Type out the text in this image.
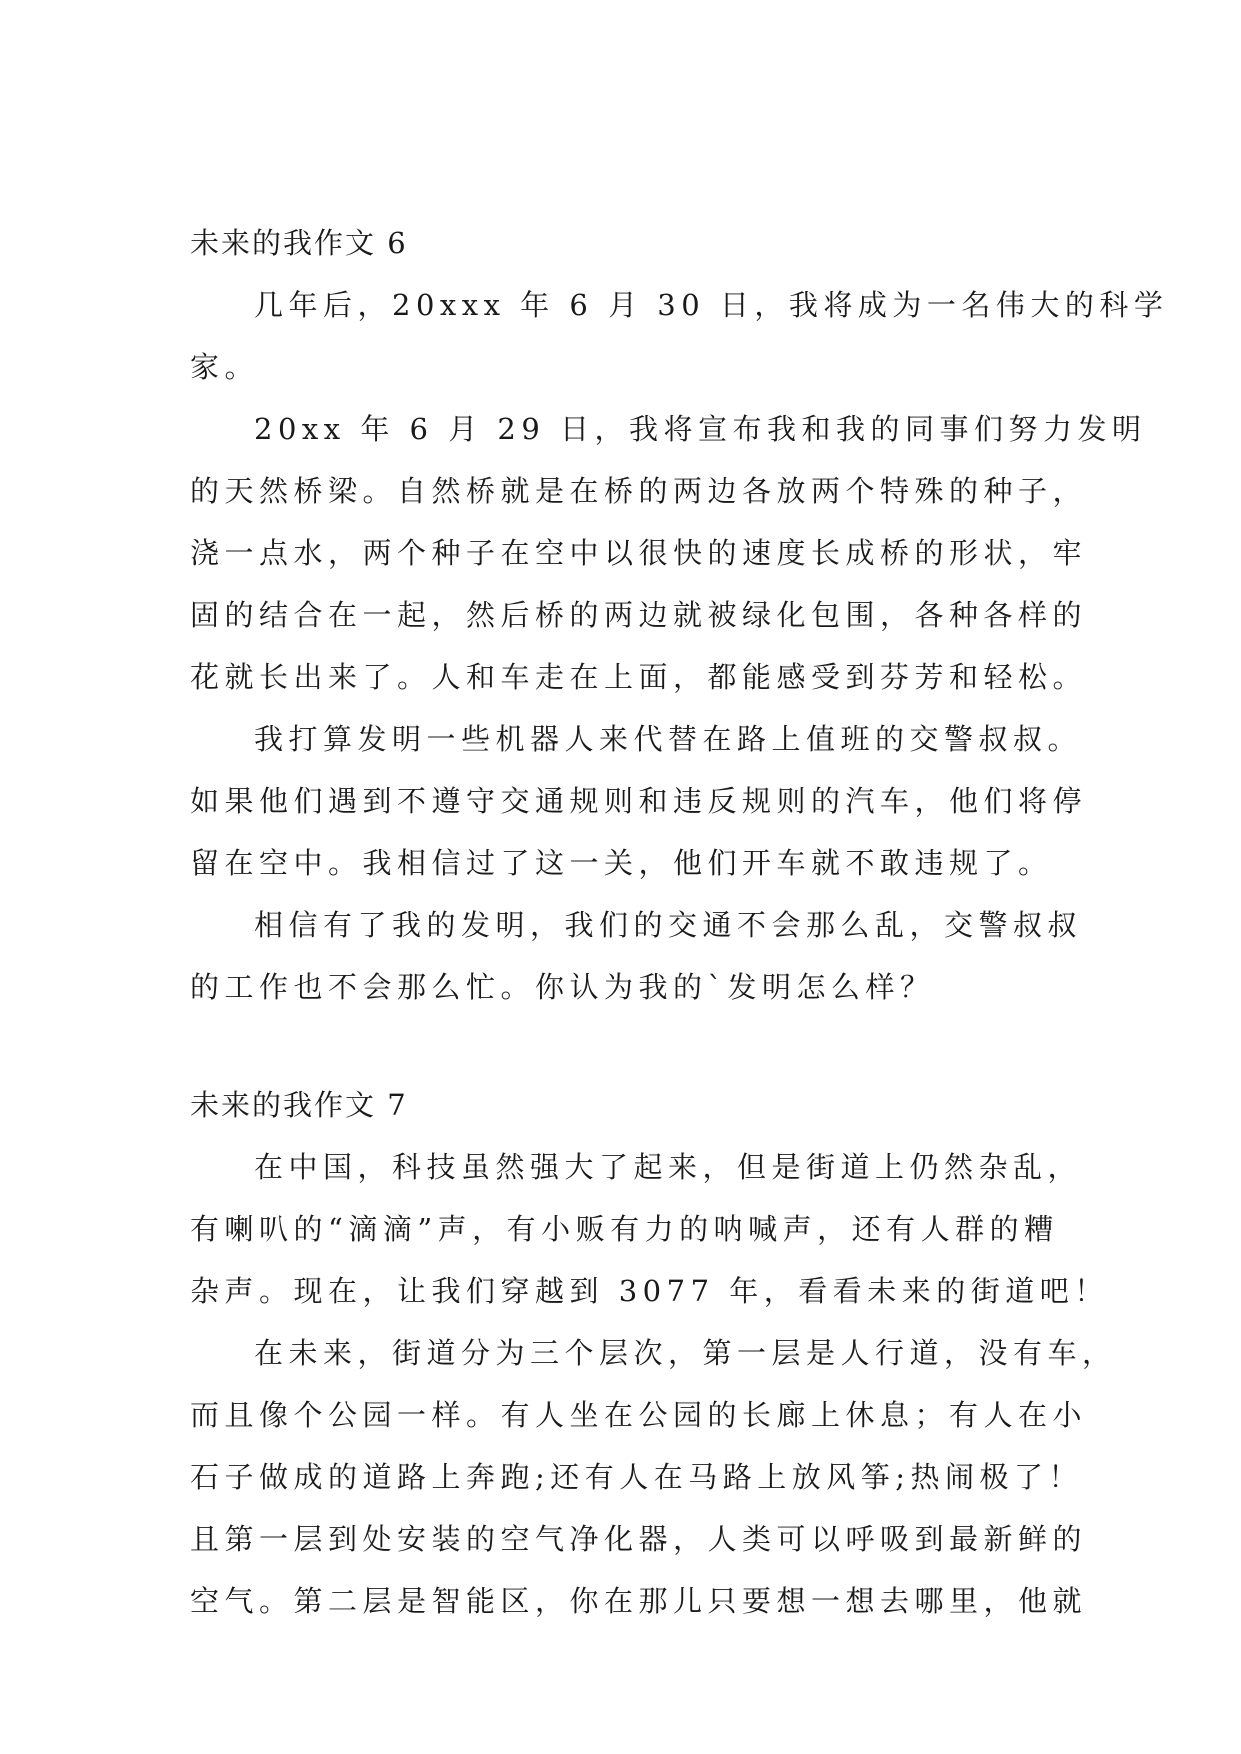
未来的我作文 6

几年后，20xxx 年 6 月 30 日，我将成为一名伟大的科学
家。

20xx 年 6 月 29 日，我将宣布我和我的同事们努力发明
的天然桥梁。自然桥就是在桥的两边各放两个特殊的种子，
浇一点水，两个种子在空中以很快的速度长成桥的形状，牢
固的结合在一起，然后桥的两边就被绿化包围，各种各样的
花就长出来了。人和车走在上面，都能感受到芬芳和轻松。

我打算发明一些机器人来代替在路上值班的交警叔叔。
如果他们遇到不遵守交通规则和违反规则的汽车，他们将停
留在空中。我相信过了这一关，他们开车就不敢违规了。

相信有了我的发明，我们的交通不会那么乱，交警叔叔
的工作也不会那么忙。你认为我的`发明怎么样？

未来的我作文 7

在中国，科技虽然强大了起来，但是街道上仍然杂乱，
有喇叭的“滴滴”声，有小贩有力的呐喊声，还有人群的糟
杂声。现在，让我们穿越到 3077 年，看看未来的街道吧！

在未来，街道分为三个层次，第一层是人行道，没有车，
而且像个公园一样。有人坐在公园的长廊上休息；有人在小
石子做成的道路上奔跑;还有人在马路上放风筝;热闹极了！
且第一层到处安装的空气净化器，人类可以呼吸到最新鲜的
空气。第二层是智能区，你在那儿只要想一想去哪里，他就
